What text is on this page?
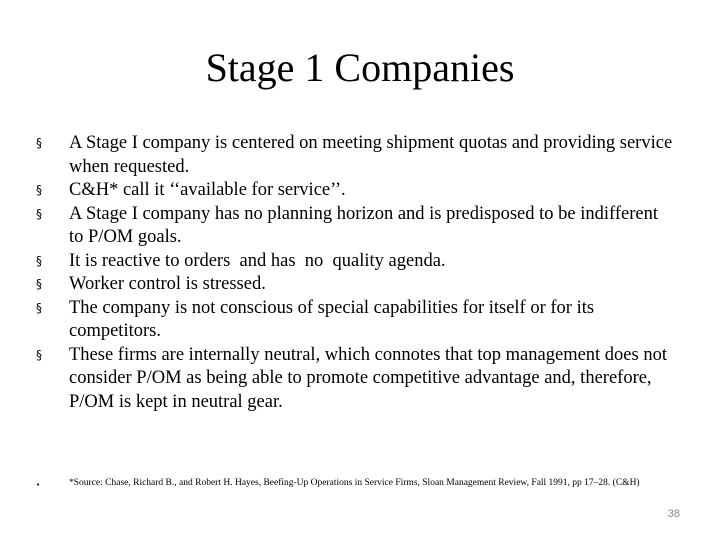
Stage 1 Companies
§	A Stage I company is centered on meeting shipment quotas and providing service when requested.
§	C&H* call it ‘‘available for service’’.
§	A Stage I company has no planning horizon and is predisposed to be indifferent to P/OM goals.
§	It is reactive to orders  and has  no  quality agenda.
§	Worker control is stressed.
§	The company is not conscious of special capabilities for itself or for its competitors.
§	These firms are internally neutral, which connotes that top management does not consider P/OM as being able to promote competitive advantage and, therefore, P/OM is kept in neutral gear.
•	*Source: Chase, Richard B., and Robert H. Hayes, Beefing-Up Operations in Service Firms, Sloan Management Review, Fall 1991, pp 17–28. (C&H)
38
